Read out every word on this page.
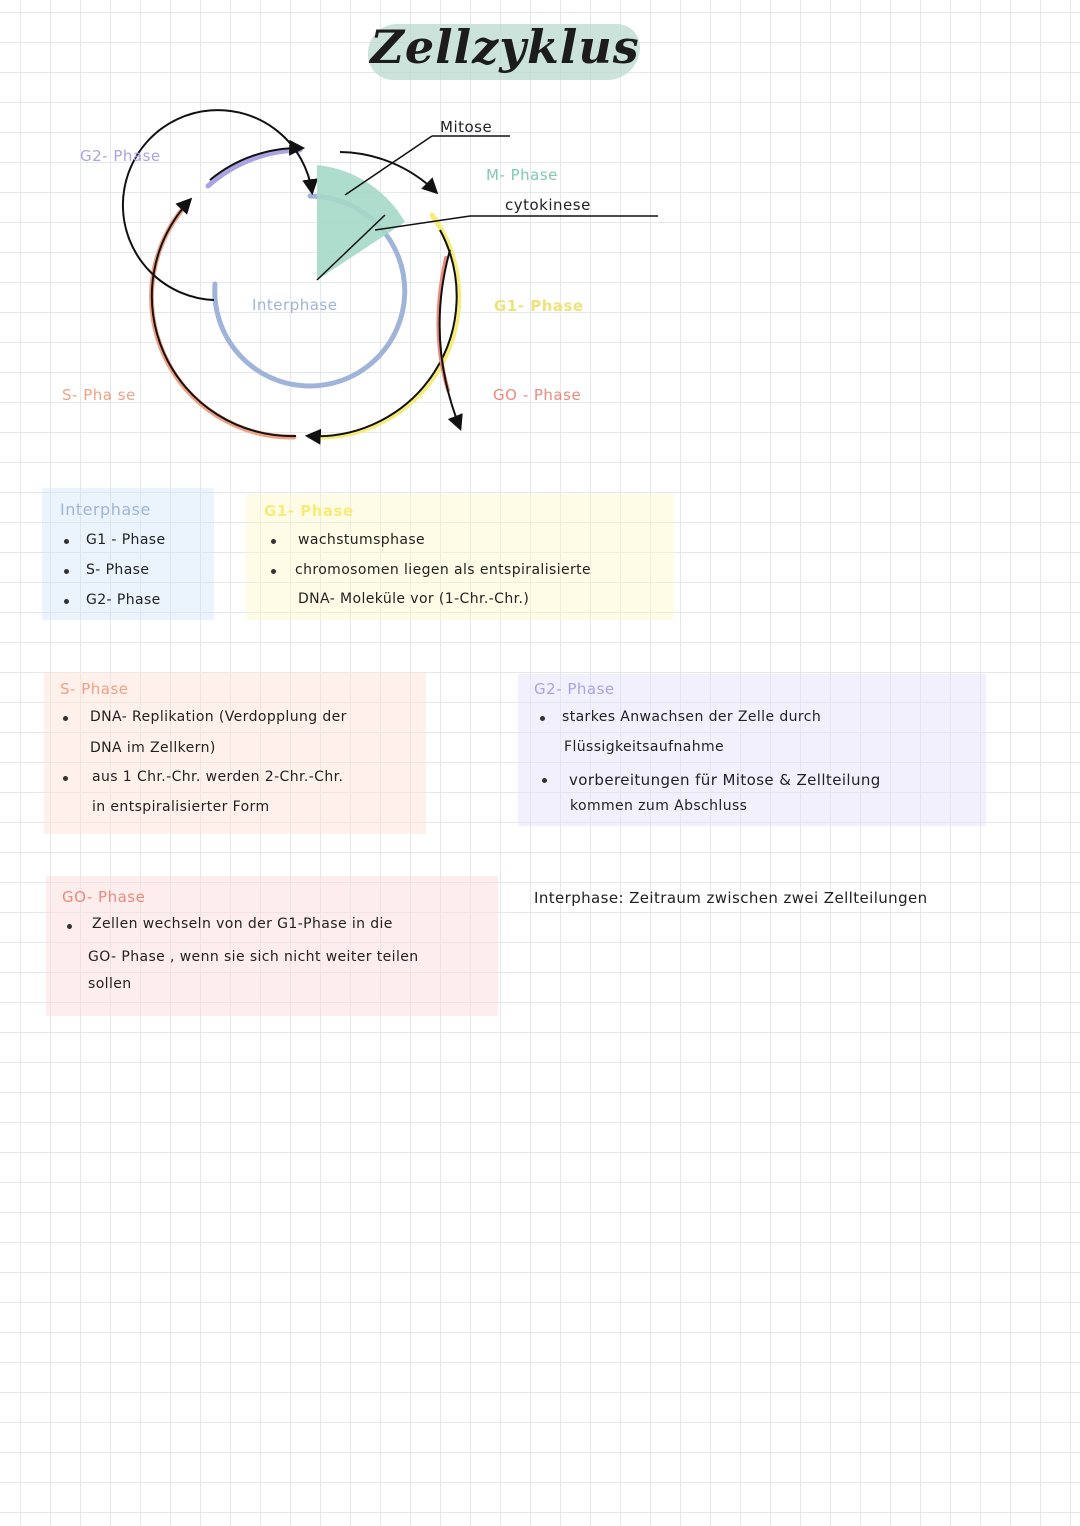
Zellzyklus
Mitose
M- Phase
cytokinese
G1- Phase
GO - Phase
S- Pha se
G2- Phase
Interphase
Interphase
G1 - Phase
S- Phase
G2- Phase
G1- Phase
wachstumsphase
chromosomen liegen als entspiralisierte
DNA- Moleküle vor (1-Chr.-Chr.)
S- Phase
DNA- Replikation (Verdopplung der
DNA im Zellkern)
aus 1 Chr.-Chr. werden 2-Chr.-Chr.
in entspiralisierter Form
G2- Phase
starkes Anwachsen der Zelle durch
Flüssigkeitsaufnahme
vorbereitungen für Mitose & Zellteilung
kommen zum Abschluss
GO- Phase
Zellen wechseln von der G1-Phase in die
GO- Phase , wenn sie sich nicht weiter teilen
sollen
Interphase: Zeitraum zwischen zwei Zellteilungen
